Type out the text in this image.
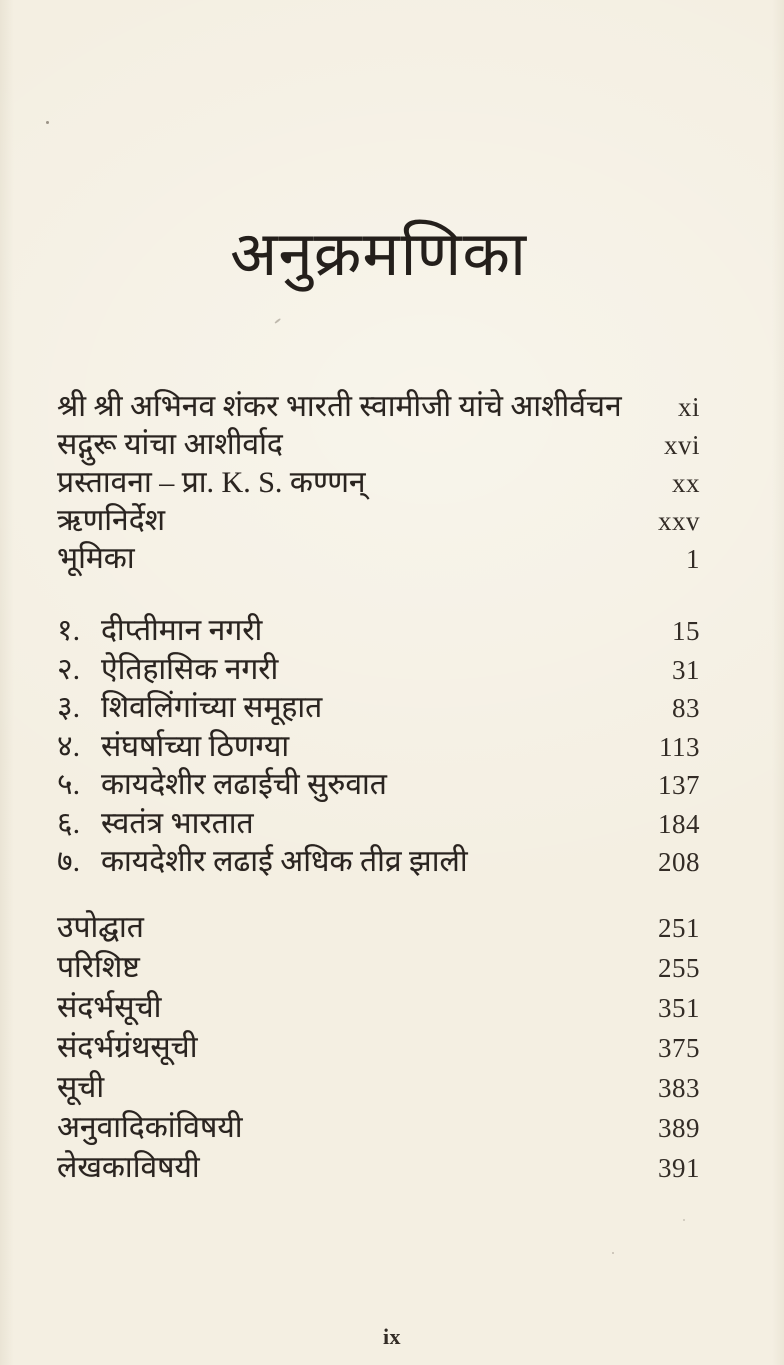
अनुक्रमणिका
श्री श्री अभिनव शंकर भारती स्वामीजी यांचे आशीर्वचन	xi
सद्गुरू यांचा आशीर्वाद	xvi
प्रस्तावना – प्रा. K. S. कण्णन्	xx
ऋणनिर्देश	xxv
भूमिका	1
१. दीप्तीमान नगरी	15
२. ऐतिहासिक नगरी	31
३. शिवलिंगांच्या समूहात	83
४. संघर्षाच्या ठिणग्या	113
५. कायदेशीर लढाईची सुरुवात	137
६. स्वतंत्र भारतात	184
७. कायदेशीर लढाई अधिक तीव्र झाली	208
उपोद्घात	251
परिशिष्ट	255
संदर्भसूची	351
संदर्भग्रंथसूची	375
सूची	383
अनुवादिकांविषयी	389
लेखकाविषयी	391
ix
